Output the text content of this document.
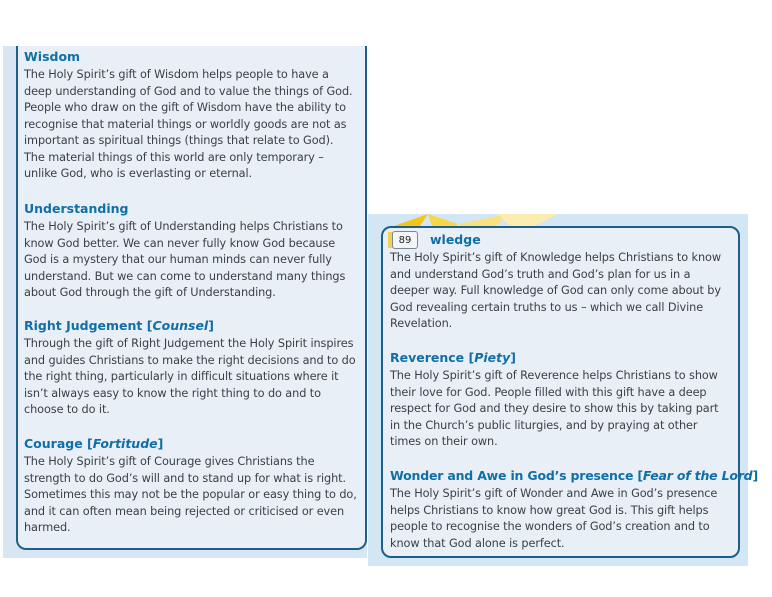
Wisdom

The Holy Spirit’s gift of Wisdom helps people to have a deep understanding of God and to value the things of God. People who draw on the gift of Wisdom have the ability to recognise that material things or worldly goods are not as important as spiritual things (things that relate to God). The material things of this world are only temporary – unlike God, who is everlasting or eternal.

Understanding

The Holy Spirit’s gift of Understanding helps Christians to know God better. We can never fully know God because God is a mystery that our human minds can never fully understand. But we can come to understand many things about God through the gift of Understanding.

Right Judgement [Counsel]

Through the gift of Right Judgement the Holy Spirit inspires and guides Christians to make the right decisions and to do the right thing, particularly in difficult situations where it isn’t always easy to know the right thing to do and to choose to do it.

Courage [Fortitude]

The Holy Spirit’s gift of Courage gives Christians the strength to do God’s will and to stand up for what is right. Sometimes this may not be the popular or easy thing to do, and it can often mean being rejected or criticised or even harmed.

wledge

The Holy Spirit’s gift of Knowledge helps Christians to know and understand God’s truth and God’s plan for us in a deeper way. Full knowledge of God can only come about by God revealing certain truths to us – which we call Divine Revelation.

Reverence [Piety]

The Holy Spirit’s gift of Reverence helps Christians to show their love for God. People filled with this gift have a deep respect for God and they desire to show this by taking part in the Church’s public liturgies, and by praying at other times on their own.

Wonder and Awe in God’s presence [Fear of the Lord]

The Holy Spirit’s gift of Wonder and Awe in God’s presence helps Christians to know how great God is. This gift helps people to recognise the wonders of God’s creation and to know that God alone is perfect.

89
